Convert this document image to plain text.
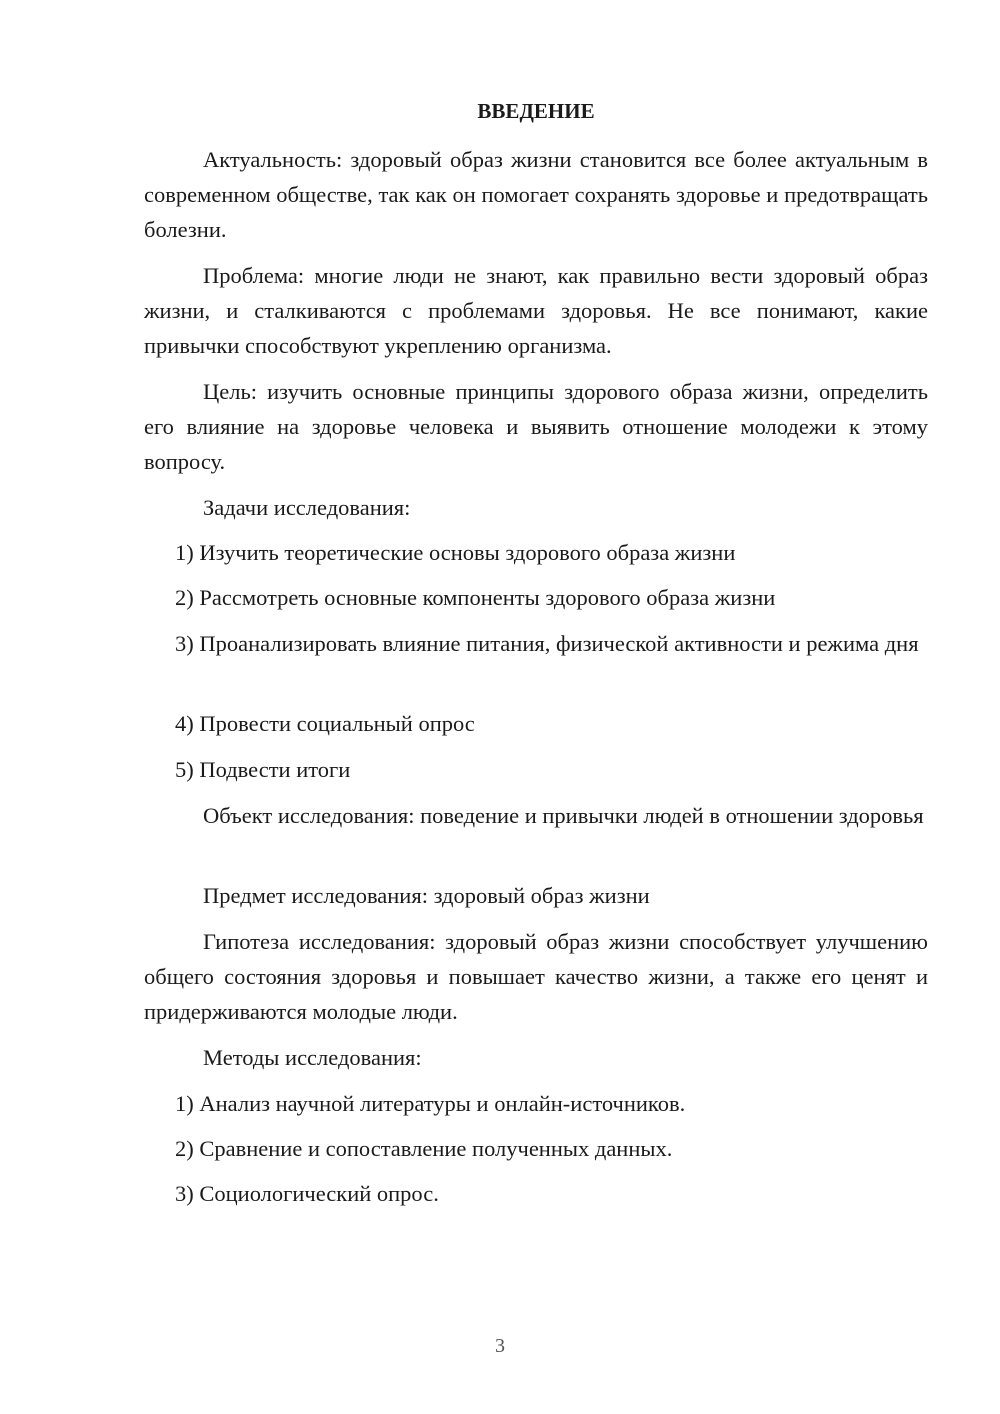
ВВЕДЕНИЕ

Актуальность: здоровый образ жизни становится все более актуальным в современном обществе, так как он помогает сохранять здоровье и предотвращать болезни.

Проблема: многие люди не знают, как правильно вести здоровый образ жизни, и сталкиваются с проблемами здоровья. Не все понимают, какие привычки способствуют укреплению организма.

Цель: изучить основные принципы здорового образа жизни, определить его влияние на здоровье человека и выявить отношение молодежи к этому вопросу.

Задачи исследования:

1) Изучить теоретические основы здорового образа жизни

2) Рассмотреть основные компоненты здорового образа жизни

3) Проанализировать влияние питания, физической активности и режима дня

4) Провести социальный опрос

5) Подвести итоги

Объект исследования: поведение и привычки людей в отношении здоровья

Предмет исследования: здоровый образ жизни

Гипотеза исследования: здоровый образ жизни способствует улучшению общего состояния здоровья и повышает качество жизни, а также его ценят и придерживаются молодые люди.

Методы исследования:

1) Анализ научной литературы и онлайн-источников.

2) Сравнение и сопоставление полученных данных.

3) Социологический опрос.

3
